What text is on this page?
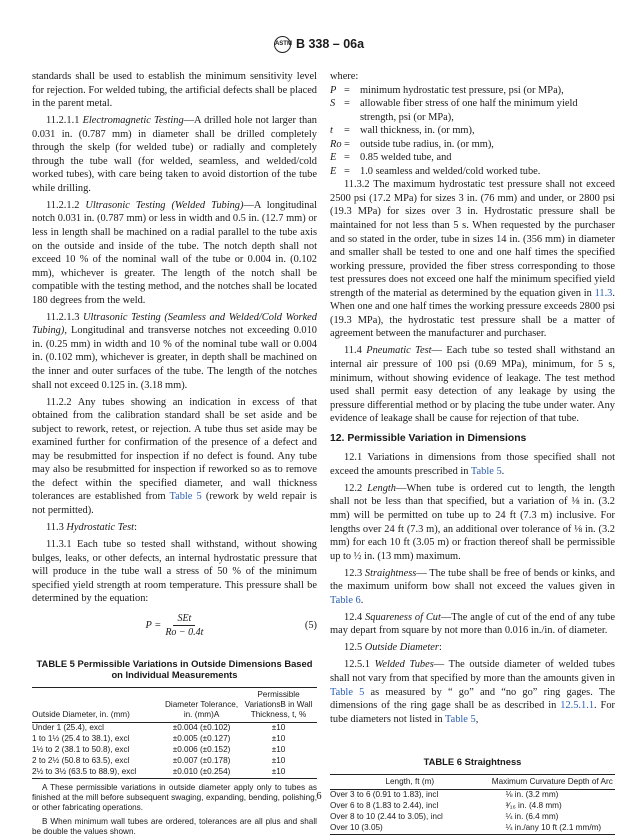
ASTM B 338 – 06a

standards shall be used to establish the minimum sensitivity level for rejection. For welded tubing, the artificial defects shall be placed in the parent metal.

11.2.1.1 Electromagnetic Testing—A drilled hole not larger than 0.031 in. (0.787 mm) in diameter shall be drilled completely through the skelp (for welded tube) or radially and completely through the tube wall (for welded, seamless, and welded/cold worked tubes), with care being taken to avoid distortion of the tube while drilling.

11.2.1.2 Ultrasonic Testing (Welded Tubing)—A longitudinal notch 0.031 in. (0.787 mm) or less in width and 0.5 in. (12.7 mm) or less in length shall be machined on a radial parallel to the tube axis on the outside and inside of the tube. The notch depth shall not exceed 10 % of the nominal wall of the tube or 0.004 in. (0.102 mm), whichever is greater. The length of the notch shall be compatible with the testing method, and the notches shall be located 180 degrees from the weld.

11.2.1.3 Ultrasonic Testing (Seamless and Welded/Cold Worked Tubing), Longitudinal and transverse notches not exceeding 0.010 in. (0.25 mm) in width and 10 % of the nominal tube wall or 0.004 in. (0.102 mm), whichever is greater, in depth shall be machined on the inner and outer surfaces of the tube. The length of the notches shall not exceed 0.125 in. (3.18 mm).

11.2.2 Any tubes showing an indication in excess of that obtained from the calibration standard shall be set aside and be subject to rework, retest, or rejection. A tube thus set aside may be examined further for confirmation of the presence of a defect and may be resubmitted for inspection if no defect is found. Any tube may also be resubmitted for inspection if reworked so as to remove the defect within the specified diameter, and wall thickness tolerances are established from Table 5 (rework by weld repair is not permitted).

11.3 Hydrostatic Test:

11.3.1 Each tube so tested shall withstand, without showing bulges, leaks, or other defects, an internal hydrostatic pressure that will produce in the tube wall a stress of 50 % of the minimum specified yield strength at room temperature. This pressure shall be determined by the equation:

$P = \frac{\text{SEt}}{Ro - 0.4t}$	(5)
TABLE 5 Permissible Variations in Outside Dimensions Based on Individual Measurements
Outside Diameter, in. (mm)	Diameter Tolerance, in. (mm)A	Permissible VariationsB in Wall Thickness, t, %
Under 1 (25.4), excl	±0.004 (±0.102)	±10
1 to 1½ (25.4 to 38.1), excl	±0.005 (±0.127)	±10
1½ to 2 (38.1 to 50.8), excl	±0.006 (±0.152)	±10
2 to 2½ (50.8 to 63.5), excl	±0.007 (±0.178)	±10
2½ to 3½ (63.5 to 88.9), excl	±0.010 (±0.254)	±10
A These permissible variations in outside diameter apply only to tubes as finished at the mill before subsequent swaging, expanding, bending, polishing, or other fabricating operations.
B When minimum wall tubes are ordered, tolerances are all plus and shall be double the values shown.

where:

P = minimum hydrostatic test pressure, psi (or MPa),
S = allowable fiber stress of one half the minimum yield strength, psi (or MPa),
t	= wall thickness, in. (or mm),
Ro = outside tube radius, in. (or mm),
E = 0.85 welded tube, and
E = 1.0 seamless and welded/cold worked tube.

11.3.2 The maximum hydrostatic test pressure shall not exceed 2500 psi (17.2 MPa) for sizes 3 in. (76 mm) and under, or 2800 psi (19.3 MPa) for sizes over 3 in. Hydrostatic pressure shall be maintained for not less than 5 s. When requested by the purchaser and so stated in the order, tube in sizes 14 in. (356 mm) in diameter and smaller shall be tested to one and one half times the specified working pressure, provided the fiber stress corresponding to those test pressures does not exceed one half the minimum specified yield strength of the material as determined by the equation given in 11.3. When one and one half times the working pressure exceeds 2800 psi (19.3 MPa), the hydrostatic test pressure shall be a matter of agreement between the manufacturer and purchaser.

11.4 Pneumatic Test— Each tube so tested shall withstand an internal air pressure of 100 psi (0.69 MPa), minimum, for 5 s, minimum, without showing evidence of leakage. The test method used shall permit easy detection of any leakage by using the pressure differential method or by placing the tube under water. Any evidence of leakage shall be cause for rejection of that tube.

12. Permissible Variation in Dimensions

12.1 Variations in dimensions from those specified shall not exceed the amounts prescribed in Table 5.

12.2 Length—When tube is ordered cut to length, the length shall not be less than that specified, but a variation of ⅛ in. (3.2 mm) will be permitted on tube up to 24 ft (7.3 m) inclusive. For lengths over 24 ft (7.3 m), an additional over tolerance of ⅛ in. (3.2 mm) for each 10 ft (3.05 m) or fraction thereof shall be permissible up to ½ in. (13 mm) maximum.

12.3 Straightness— The tube shall be free of bends or kinks, and the maximum uniform bow shall not exceed the values given in Table 6.

12.4 Squareness of Cut—The angle of cut of the end of any tube may depart from square by not more than 0.016 in./in. of diameter.

12.5 Outside Diameter:

12.5.1 Welded Tubes— The outside diameter of welded tubes shall not vary from that specified by more than the amounts given in Table 5 as measured by “ go” and “no go” ring gages. The dimensions of the ring gage shall be as described in 12.5.1.1. For tube diameters not listed in Table 5,

TABLE 6 Straightness
Length, ft (m)	Maximum Curvature Depth of Arc
Over 3 to 6 (0.91 to 1.83), incl	⅛ in. (3.2 mm)
Over 6 to 8 (1.83 to 2.44), incl	³⁄₁₆ in. (4.8 mm)
Over 8 to 10 (2.44 to 3.05), incl	¼ in. (6.4 mm)
Over 10 (3.05)	¼ in./any 10 ft (2.1 mm/m)
6
